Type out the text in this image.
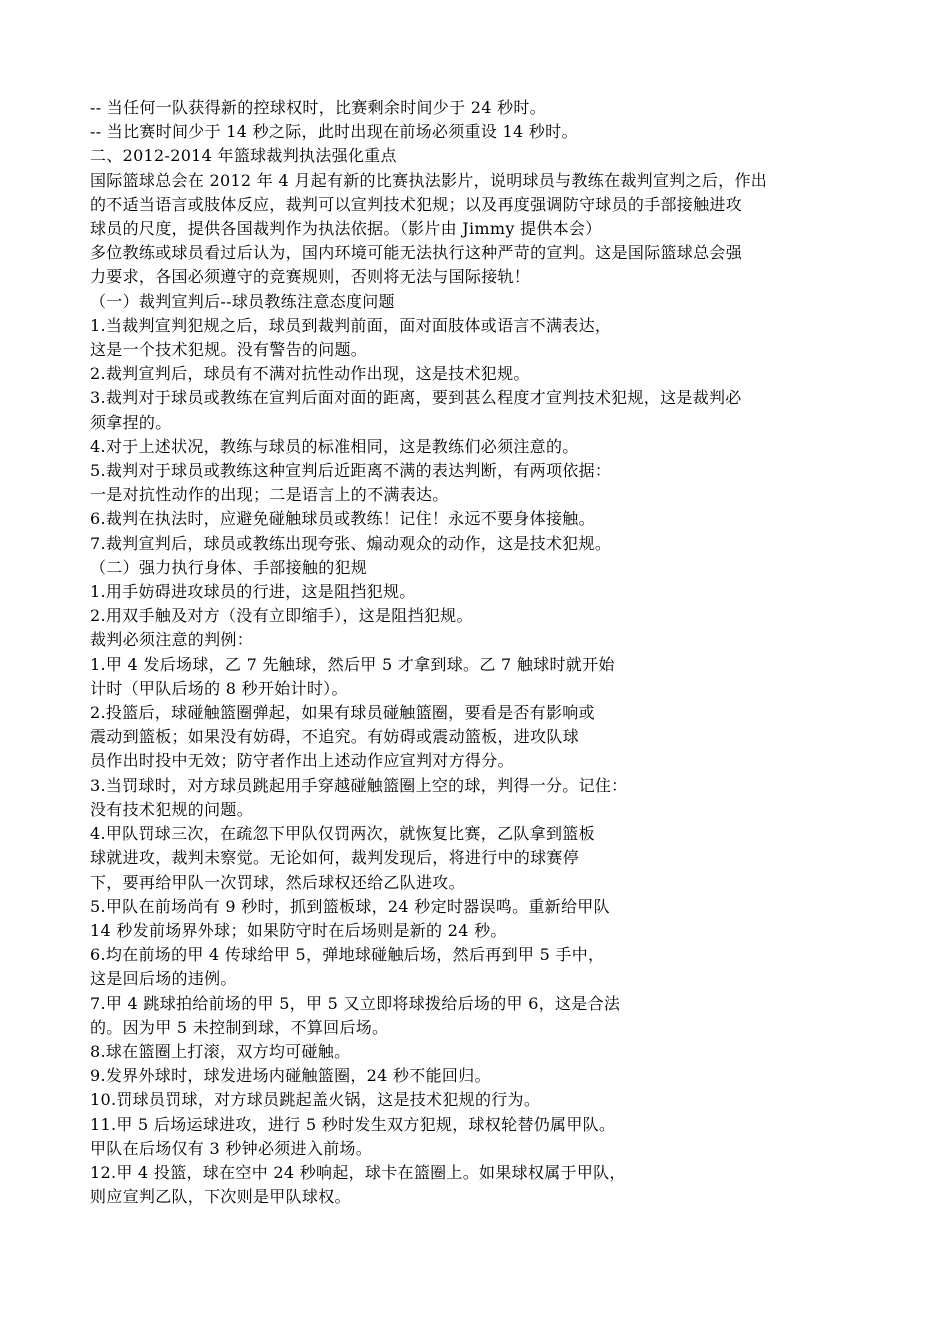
-- 当任何一队获得新的控球权时，比赛剩余时间少于 24 秒时。
-- 当比赛时间少于 14 秒之际，此时出现在前场必须重设 14 秒时。
二、2012-2014 年篮球裁判执法强化重点
国际篮球总会在 2012 年 4 月起有新的比赛执法影片，说明球员与教练在裁判宣判之后，作出
的不适当语言或肢体反应，裁判可以宣判技术犯规；以及再度强调防守球员的手部接触进攻
球员的尺度，提供各国裁判作为执法依据。（影片由 Jimmy 提供本会）
多位教练或球员看过后认为，国内环境可能无法执行这种严苛的宣判。这是国际篮球总会强
力要求，各国必须遵守的竞赛规则，否则将无法与国际接轨！
（一）裁判宣判后--球员教练注意态度问题
1.当裁判宣判犯规之后，球员到裁判前面，面对面肢体或语言不满表达，
这是一个技术犯规。没有警告的问题。
2.裁判宣判后，球员有不满对抗性动作出现，这是技术犯规。
3.裁判对于球员或教练在宣判后面对面的距离，要到甚么程度才宣判技术犯规，这是裁判必
须拿捏的。
4.对于上述状况，教练与球员的标准相同，这是教练们必须注意的。
5.裁判对于球员或教练这种宣判后近距离不满的表达判断，有两项依据：
一是对抗性动作的出现；二是语言上的不满表达。
6.裁判在执法时，应避免碰触球员或教练！记住！永远不要身体接触。
7.裁判宣判后，球员或教练出现夸张、煽动观众的动作，这是技术犯规。
（二）强力执行身体、手部接触的犯规
1.用手妨碍进攻球员的行进，这是阻挡犯规。
2.用双手触及对方（没有立即缩手），这是阻挡犯规。
裁判必须注意的判例：
1.甲 4 发后场球，乙 7 先触球，然后甲 5 才拿到球。乙 7 触球时就开始
计时（甲队后场的 8 秒开始计时）。
2.投篮后，球碰触篮圈弹起，如果有球员碰触篮圈，要看是否有影响或
震动到篮板；如果没有妨碍，不追究。有妨碍或震动篮板，进攻队球
员作出时投中无效；防守者作出上述动作应宣判对方得分。
3.当罚球时，对方球员跳起用手穿越碰触篮圈上空的球，判得一分。记住：
没有技术犯规的问题。
4.甲队罚球三次，在疏忽下甲队仅罚两次，就恢复比赛，乙队拿到篮板
球就进攻，裁判未察觉。无论如何，裁判发现后，将进行中的球赛停
下，要再给甲队一次罚球，然后球权还给乙队进攻。
5.甲队在前场尚有 9 秒时，抓到篮板球，24 秒定时器误鸣。重新给甲队
14 秒发前场界外球；如果防守时在后场则是新的 24 秒。
6.均在前场的甲 4 传球给甲 5，弹地球碰触后场，然后再到甲 5 手中，
这是回后场的违例。
7.甲 4 跳球拍给前场的甲 5，甲 5 又立即将球拨给后场的甲 6，这是合法
的。因为甲 5 未控制到球，不算回后场。
8.球在篮圈上打滚，双方均可碰触。
9.发界外球时，球发进场内碰触篮圈，24 秒不能回归。
10.罚球员罚球，对方球员跳起盖火锅，这是技术犯规的行为。
11.甲 5 后场运球进攻，进行 5 秒时发生双方犯规，球权轮替仍属甲队。
甲队在后场仅有 3 秒钟必须进入前场。
12.甲 4 投篮，球在空中 24 秒响起，球卡在篮圈上。如果球权属于甲队，
则应宣判乙队，下次则是甲队球权。
